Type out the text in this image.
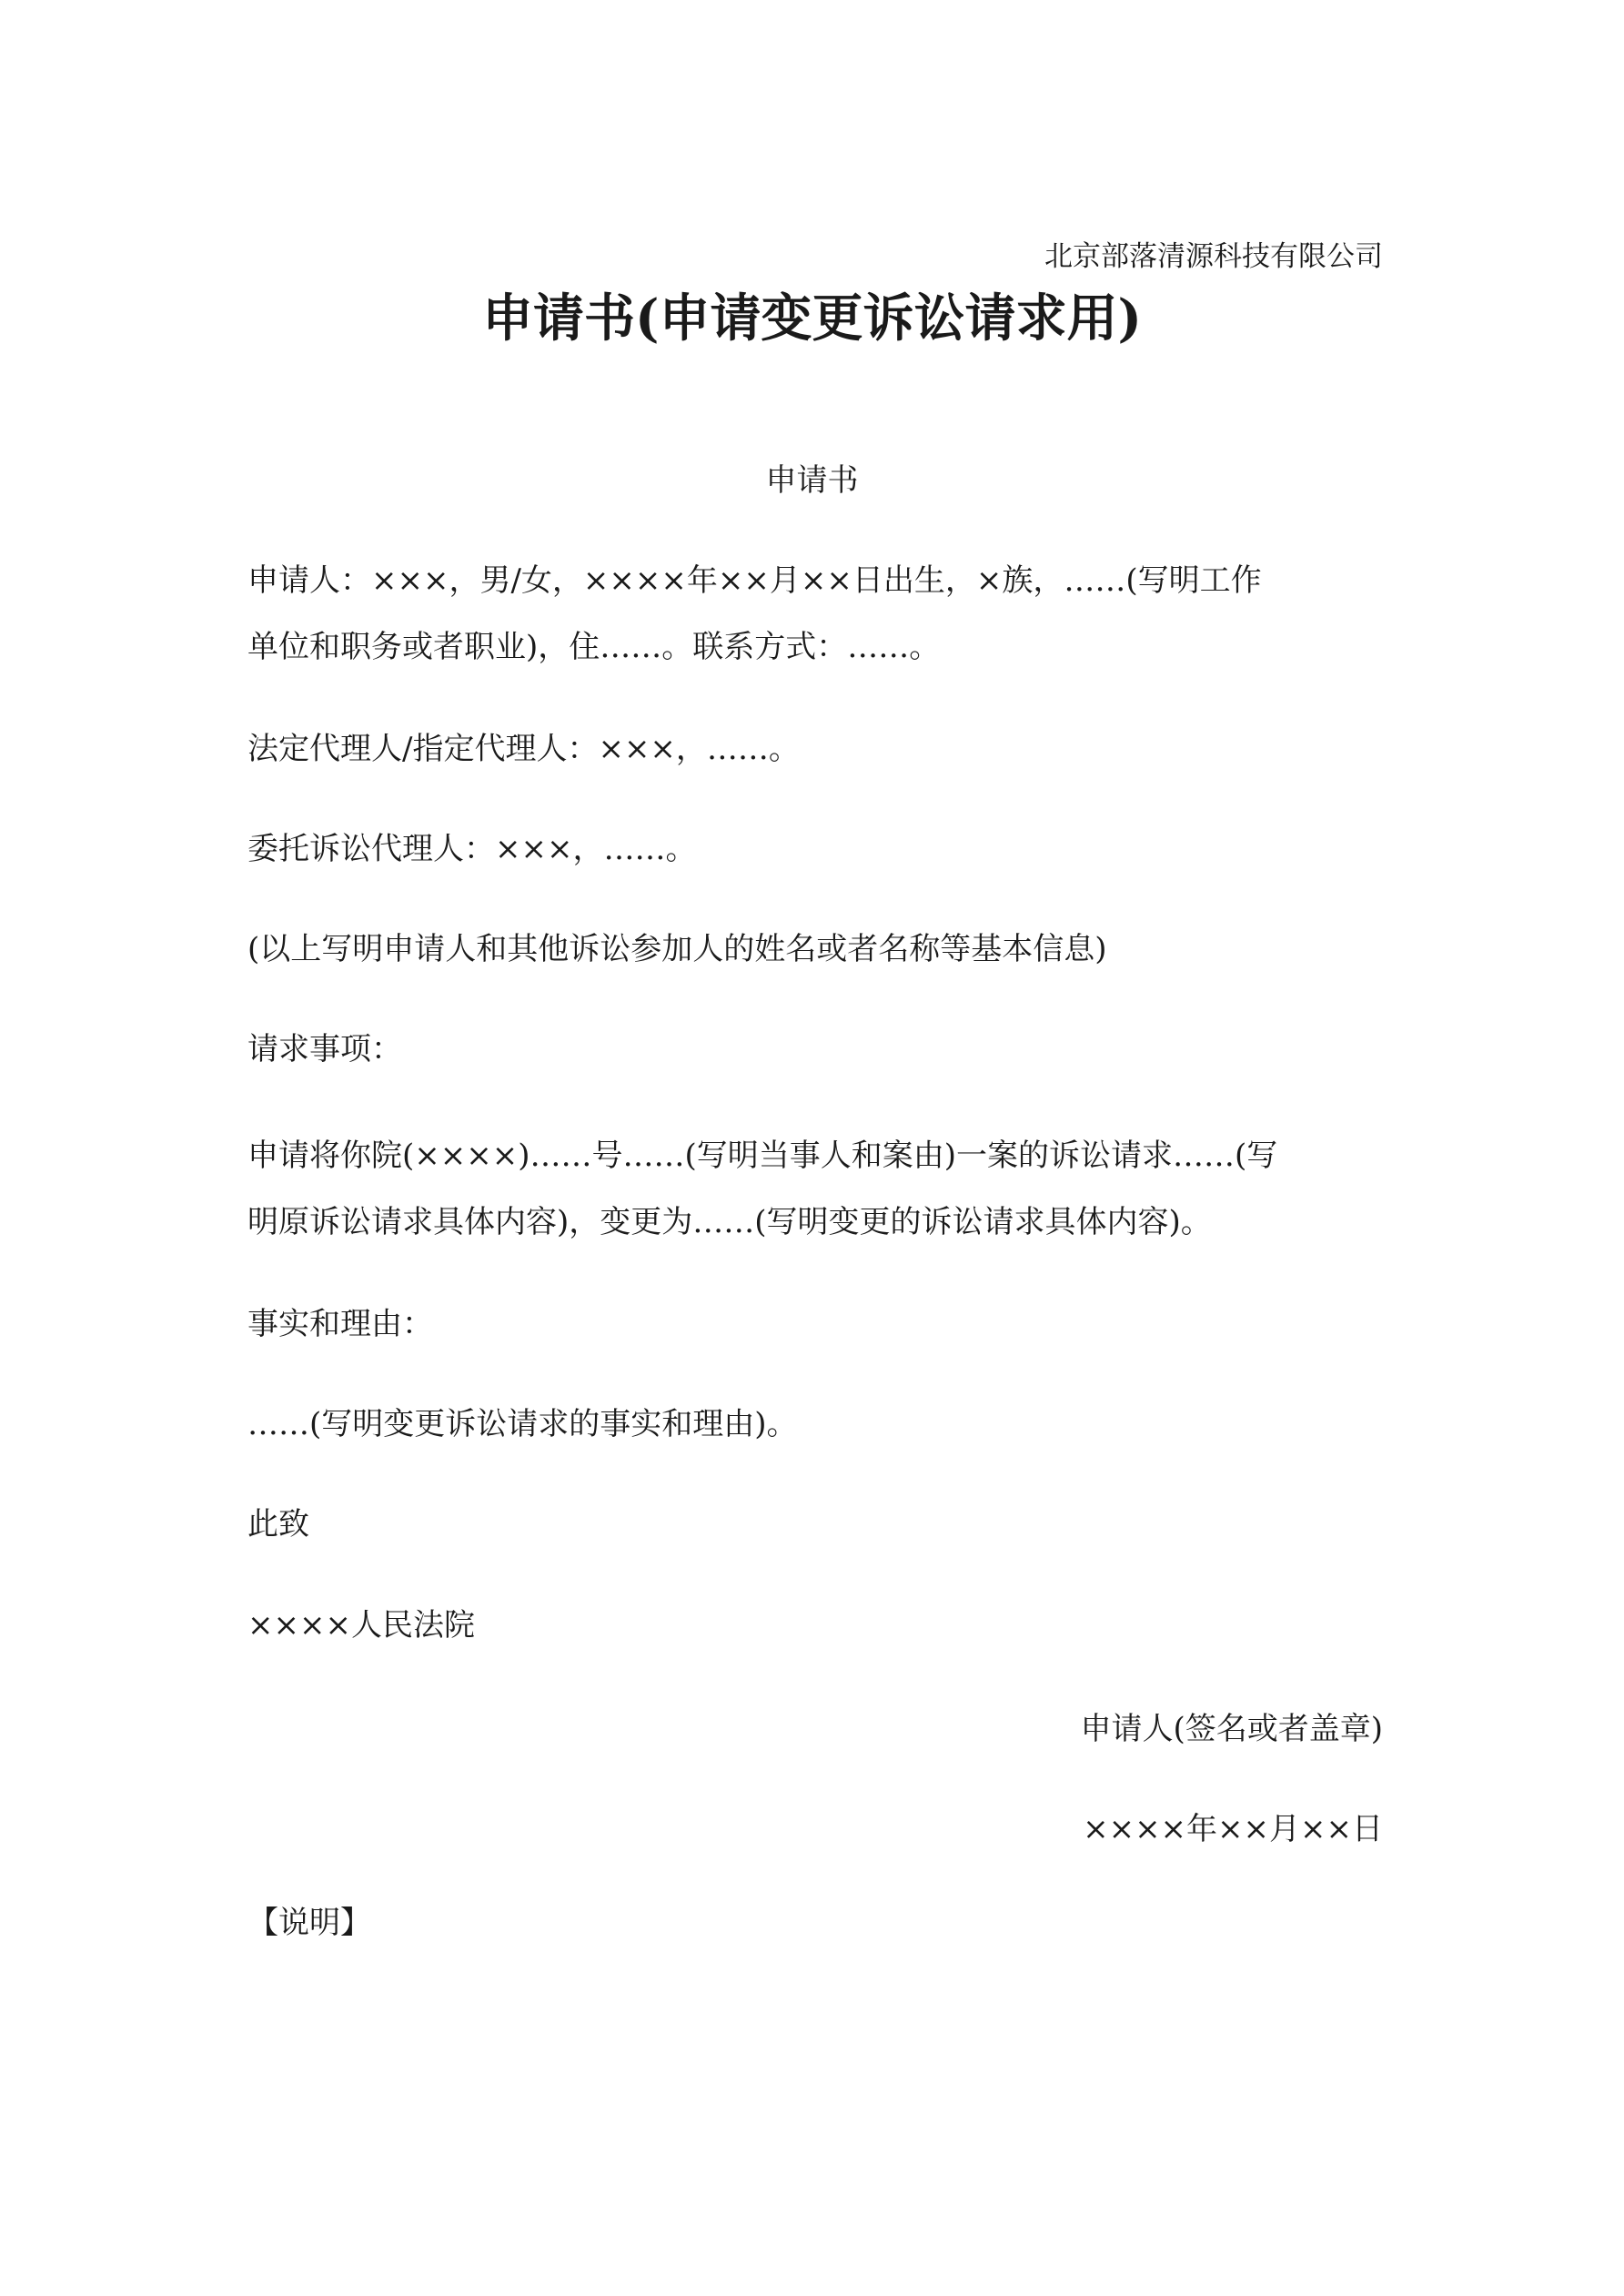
北京部落清源科技有限公司
申请书(申请变更诉讼请求用)
申请书
申请人：×××，男/女，××××年××月××日出生，×族，……(写明工作
单位和职务或者职业)，住……。联系方式：……。
法定代理人/指定代理人：×××，……。
委托诉讼代理人：×××，……。
(以上写明申请人和其他诉讼参加人的姓名或者名称等基本信息)
请求事项：
申请将你院(××××)……号……(写明当事人和案由)一案的诉讼请求……(写
明原诉讼请求具体内容)，变更为……(写明变更的诉讼请求具体内容)。
事实和理由：
……(写明变更诉讼请求的事实和理由)。
此致
××××人民法院
申请人(签名或者盖章)
××××年××月××日
【说明】
